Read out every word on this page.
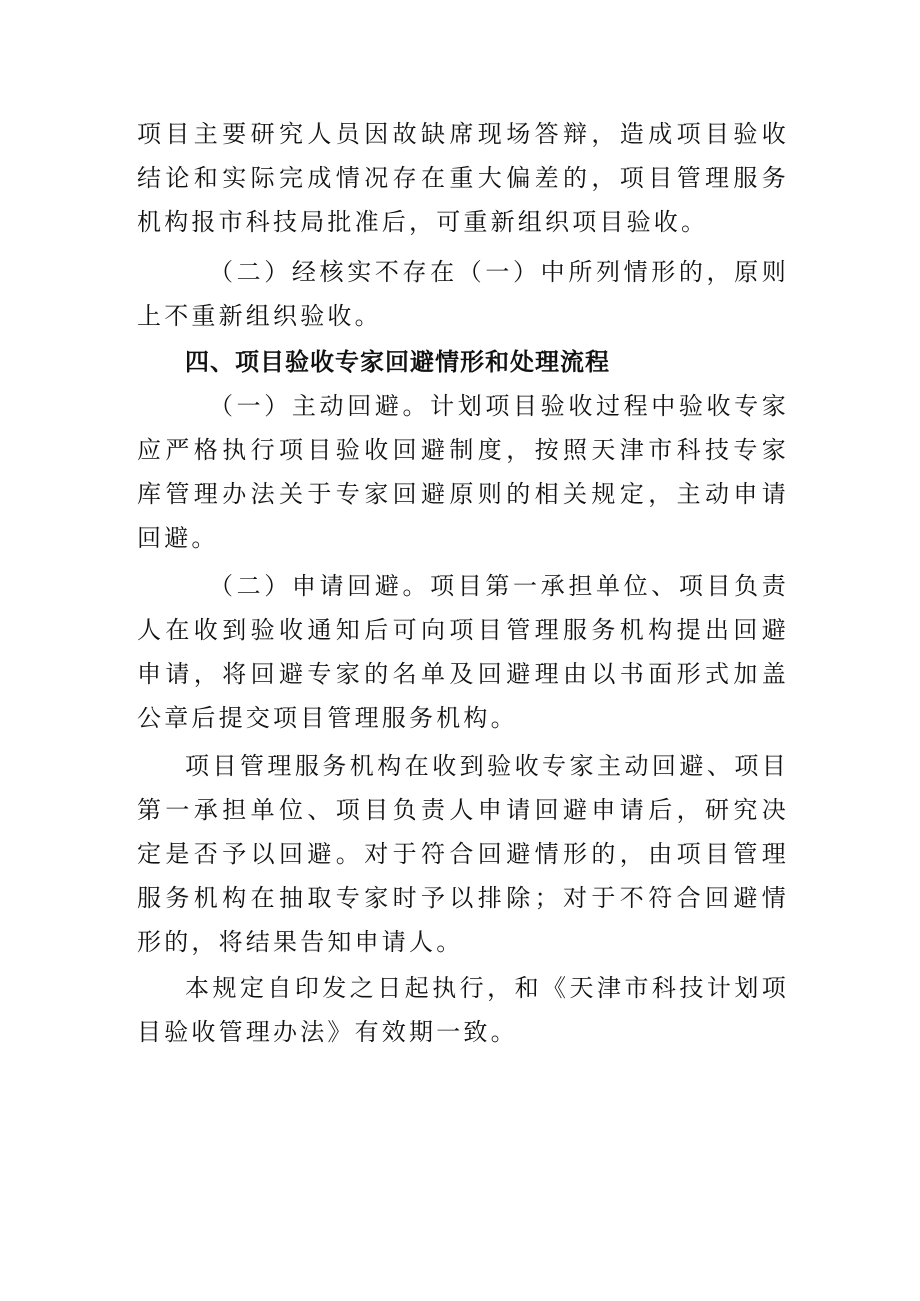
项目主要研究人员因故缺席现场答辩，造成项目验收结论和实际完成情况存在重大偏差的，项目管理服务机构报市科技局批准后，可重新组织项目验收。

（二）经核实不存在（一）中所列情形的，原则上不重新组织验收。

四、项目验收专家回避情形和处理流程

（一）主动回避。计划项目验收过程中验收专家应严格执行项目验收回避制度，按照天津市科技专家库管理办法关于专家回避原则的相关规定，主动申请回避。

（二）申请回避。项目第一承担单位、项目负责人在收到验收通知后可向项目管理服务机构提出回避申请，将回避专家的名单及回避理由以书面形式加盖公章后提交项目管理服务机构。

项目管理服务机构在收到验收专家主动回避、项目第一承担单位、项目负责人申请回避申请后，研究决定是否予以回避。对于符合回避情形的，由项目管理服务机构在抽取专家时予以排除；对于不符合回避情形的，将结果告知申请人。

本规定自印发之日起执行，和《天津市科技计划项目验收管理办法》有效期一致。
